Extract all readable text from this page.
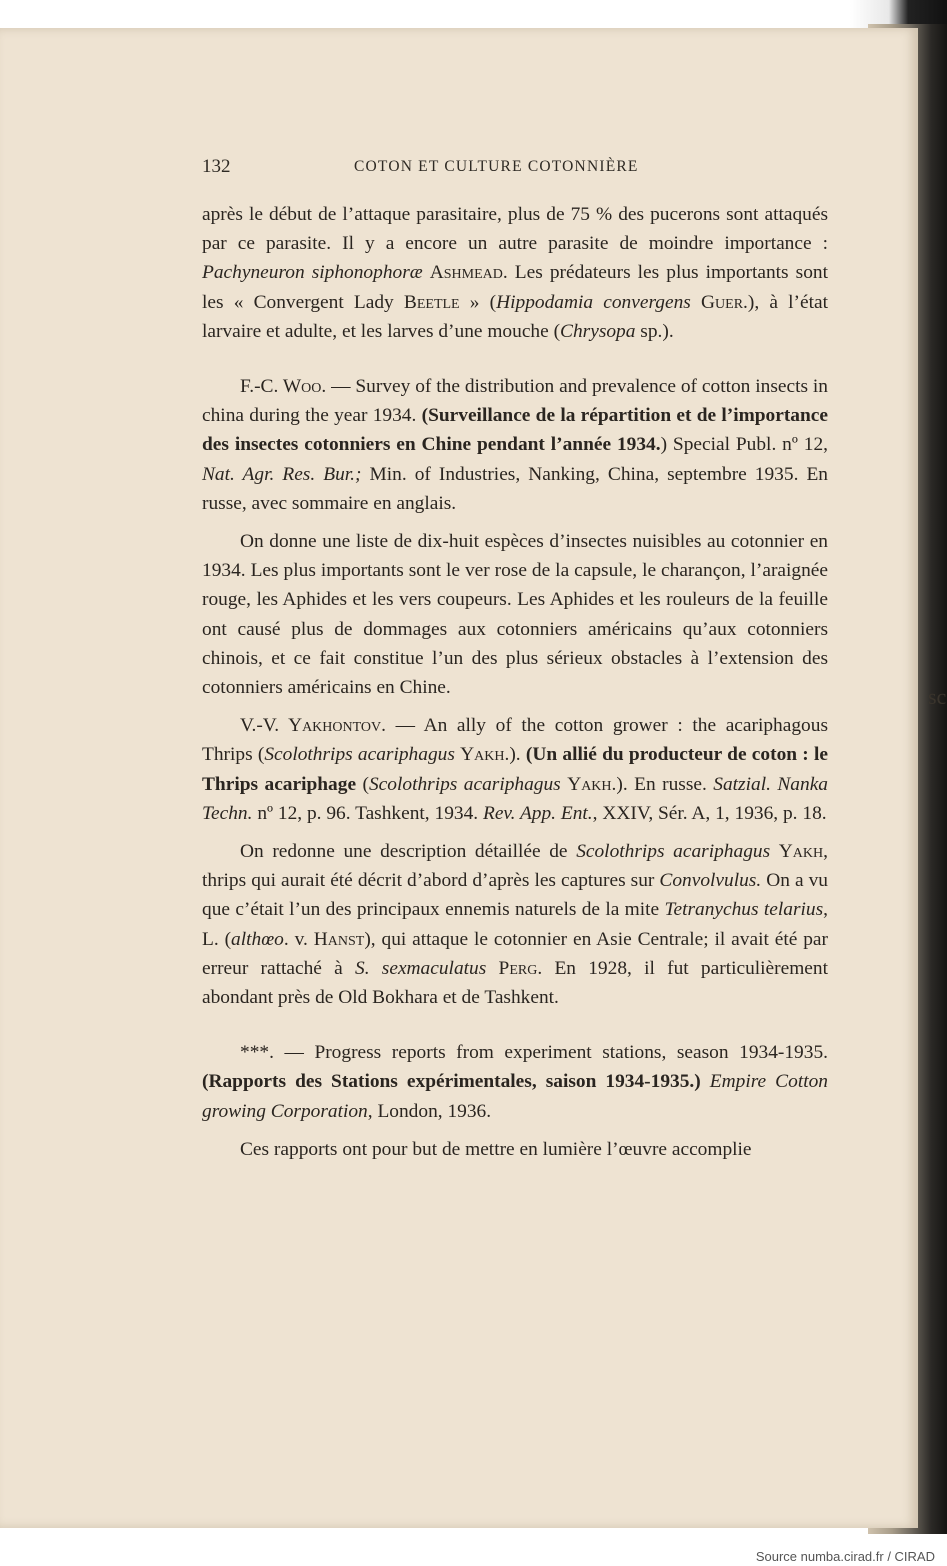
sc
132	COTON ET CULTURE COTONNIÈRE

après le début de l’attaque parasitaire, plus de 75 % des pucerons sont attaqués par ce parasite. Il y a encore un autre parasite de moindre importance : Pachyneuron siphonophoræ Ashmead. Les prédateurs les plus importants sont les « Convergent Lady Beetle » (Hippodamia convergens Guer.), à l’état larvaire et adulte, et les larves d’une mouche (Chrysopa sp.).

F.-C. Woo. — Survey of the distribution and prevalence of cotton insects in china during the year 1934. (Surveillance de la répartition et de l’importance des insectes cotonniers en Chine pendant l’année 1934.) Special Publ. nº 12, Nat. Agr. Res. Bur.; Min. of Industries, Nanking, China, septembre 1935. En russe, avec sommaire en anglais.

On donne une liste de dix-huit espèces d’insectes nuisibles au cotonnier en 1934. Les plus importants sont le ver rose de la capsule, le charançon, l’araignée rouge, les Aphides et les vers coupeurs. Les Aphides et les rouleurs de la feuille ont causé plus de dommages aux cotonniers américains qu’aux cotonniers chinois, et ce fait constitue l’un des plus sérieux obstacles à l’extension des cotonniers américains en Chine.

V.-V. Yakhontov. — An ally of the cotton grower : the acariphagous Thrips (Scolothrips acariphagus Yakh.). (Un allié du producteur de coton : le Thrips acariphage (Scolothrips acariphagus Yakh.). En russe. Satzial. Nanka Techn. nº 12, p. 96. Tashkent, 1934. Rev. App. Ent., XXIV, Sér. A, 1, 1936, p. 18.

On redonne une description détaillée de Scolothrips acariphagus Yakh, thrips qui aurait été décrit d’abord d’après les captures sur Convolvulus. On a vu que c’était l’un des principaux ennemis naturels de la mite Tetranychus telarius, L. (althœo. v. Hanst), qui attaque le cotonnier en Asie Centrale; il avait été par erreur rattaché à S. sexmaculatus Perg. En 1928, il fut particulièrement abondant près de Old Bokhara et de Tashkent.

***. — Progress reports from experiment stations, season 1934-1935. (Rapports des Stations expérimentales, saison 1934-1935.) Empire Cotton growing Corporation, London, 1936.

Ces rapports ont pour but de mettre en lumière l’œuvre accomplie

Source numba.cirad.fr / CIRAD
